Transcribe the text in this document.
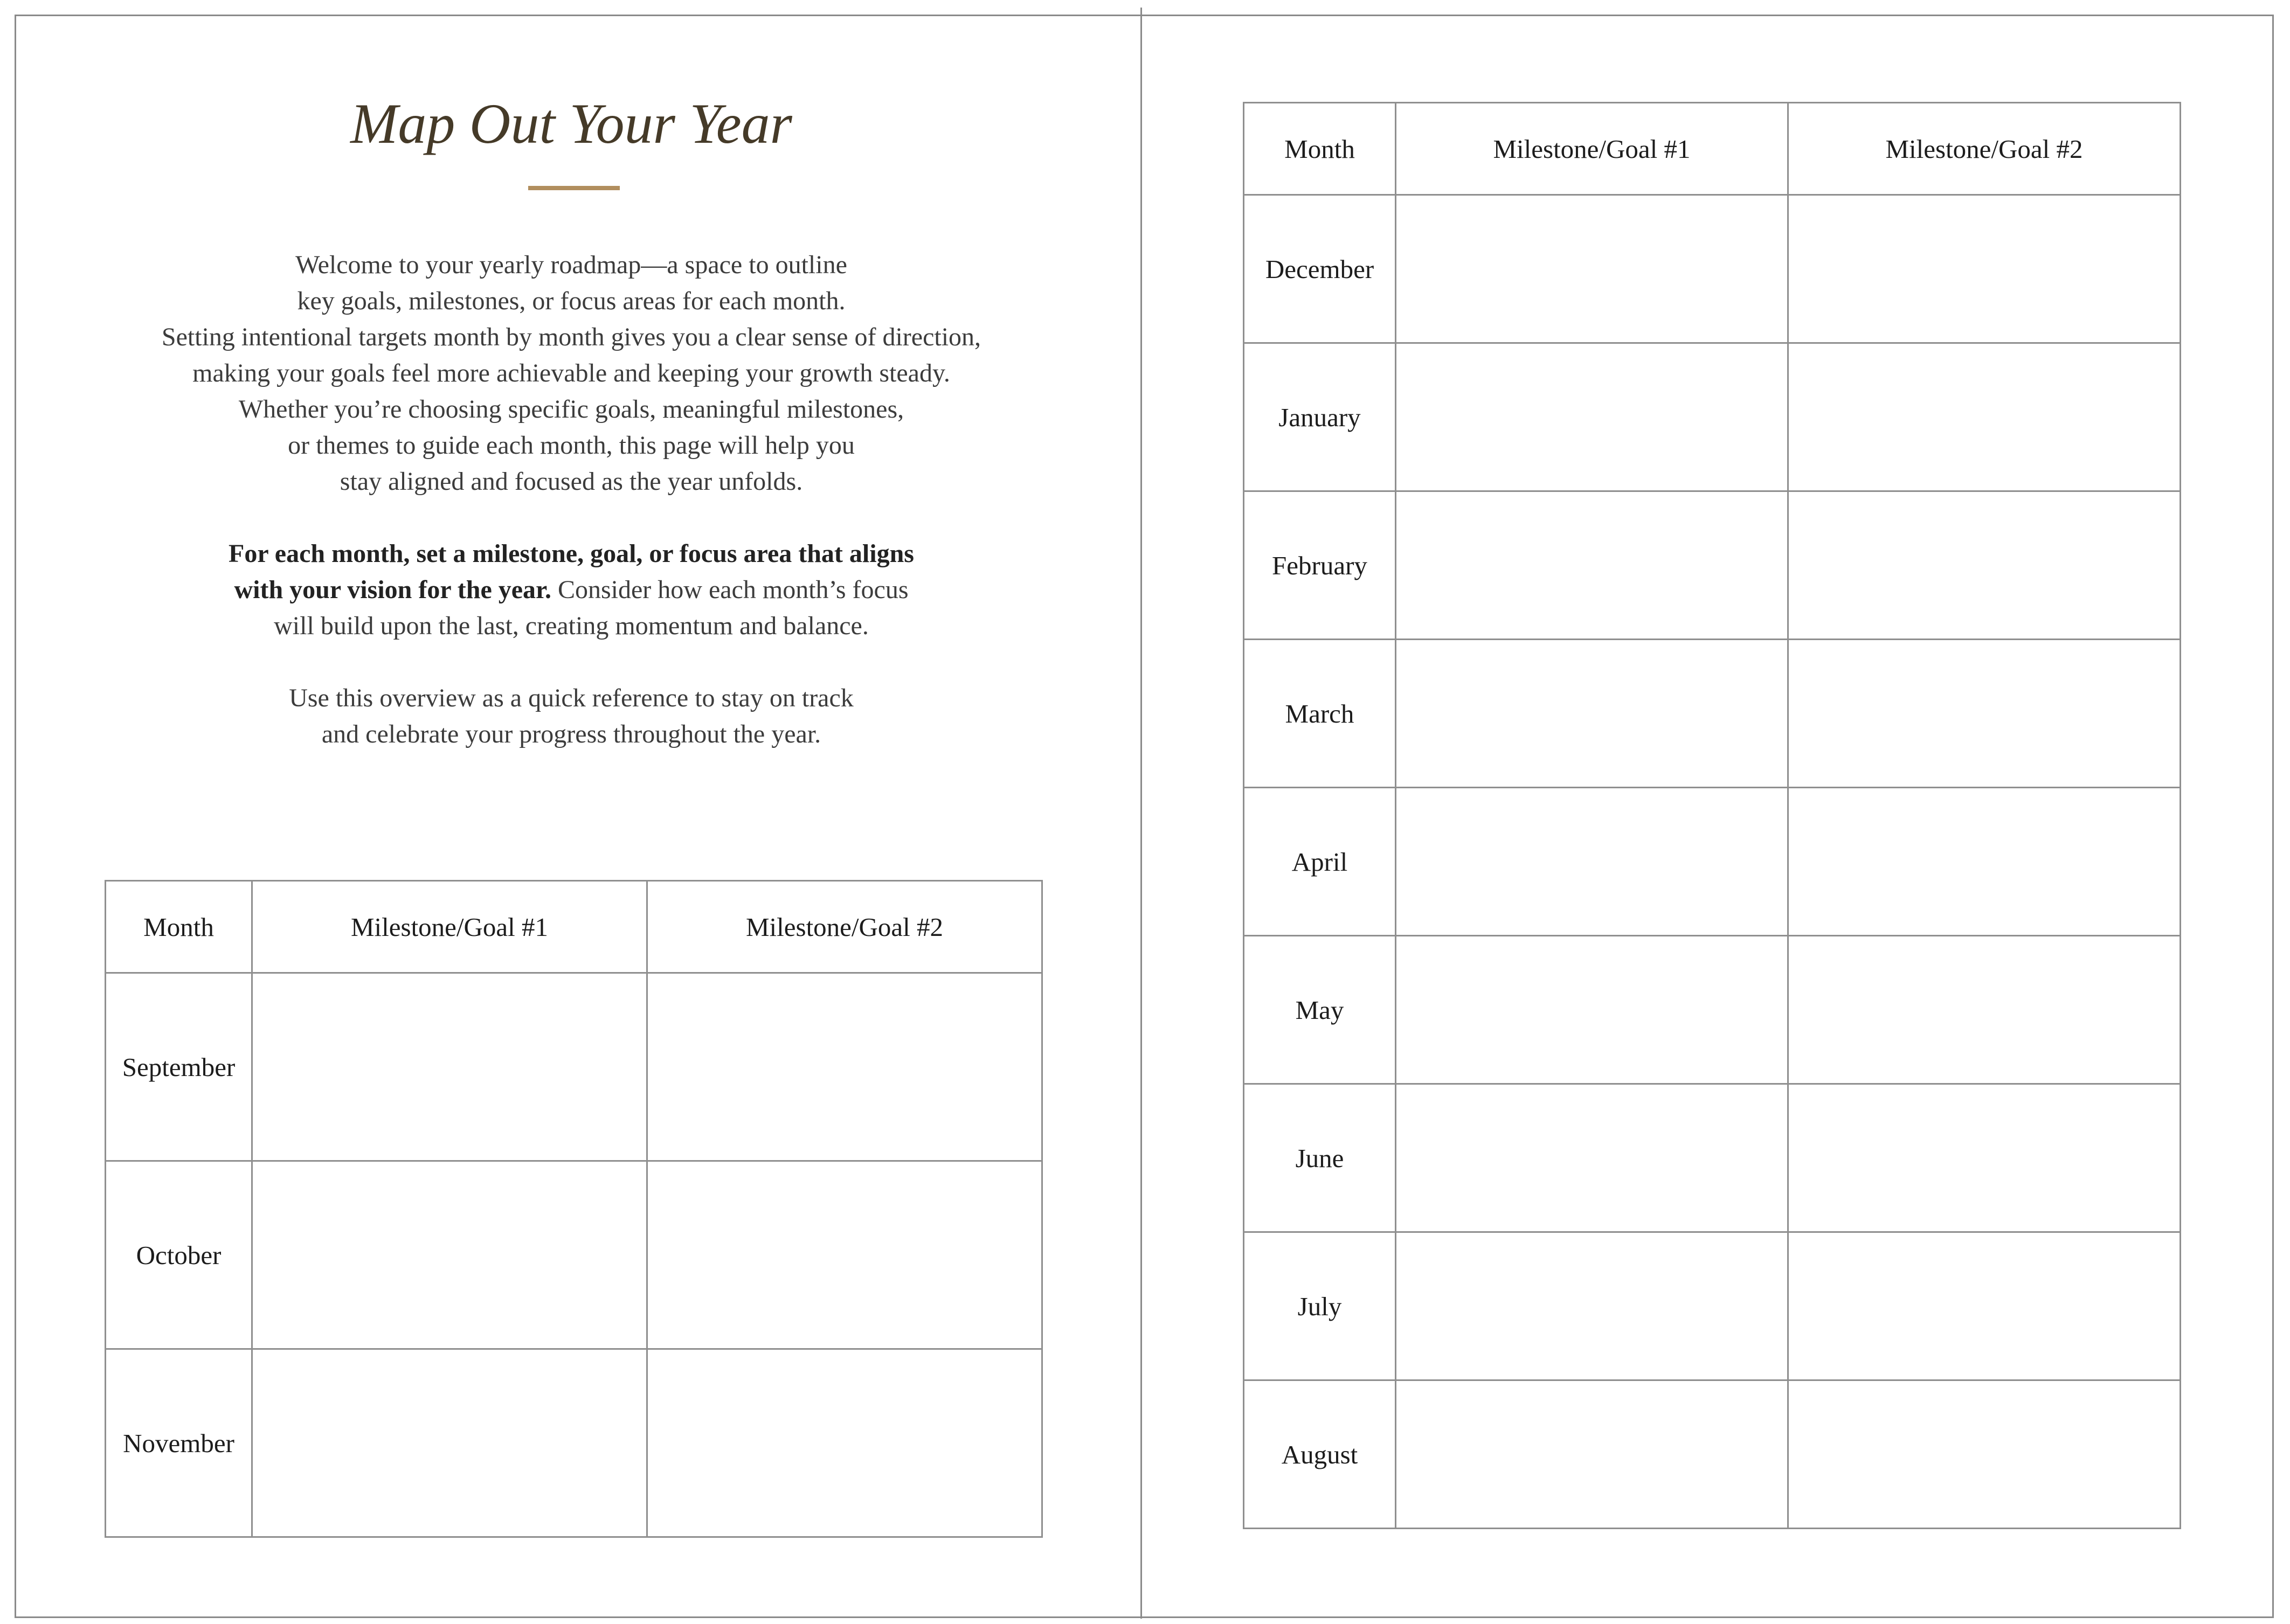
Map Out Your Year

Welcome to your yearly roadmap—a space to outline
key goals, milestones, or focus areas for each month.
Setting intentional targets month by month gives you a clear sense of direction,
making your goals feel more achievable and keeping your growth steady.
Whether you’re choosing specific goals, meaningful milestones,
or themes to guide each month, this page will help you
stay aligned and focused as the year unfolds.

For each month, set a milestone, goal, or focus area that aligns
with your vision for the year. Consider how each month’s focus
will build upon the last, creating momentum and balance.

Use this overview as a quick reference to stay on track
and celebrate your progress throughout the year.

Month	Milestone/Goal #1	Milestone/Goal #2
September		
October		
November		
Month	Milestone/Goal #1	Milestone/Goal #2
December		
January		
February		
March		
April		
May		
June		
July		
August		
